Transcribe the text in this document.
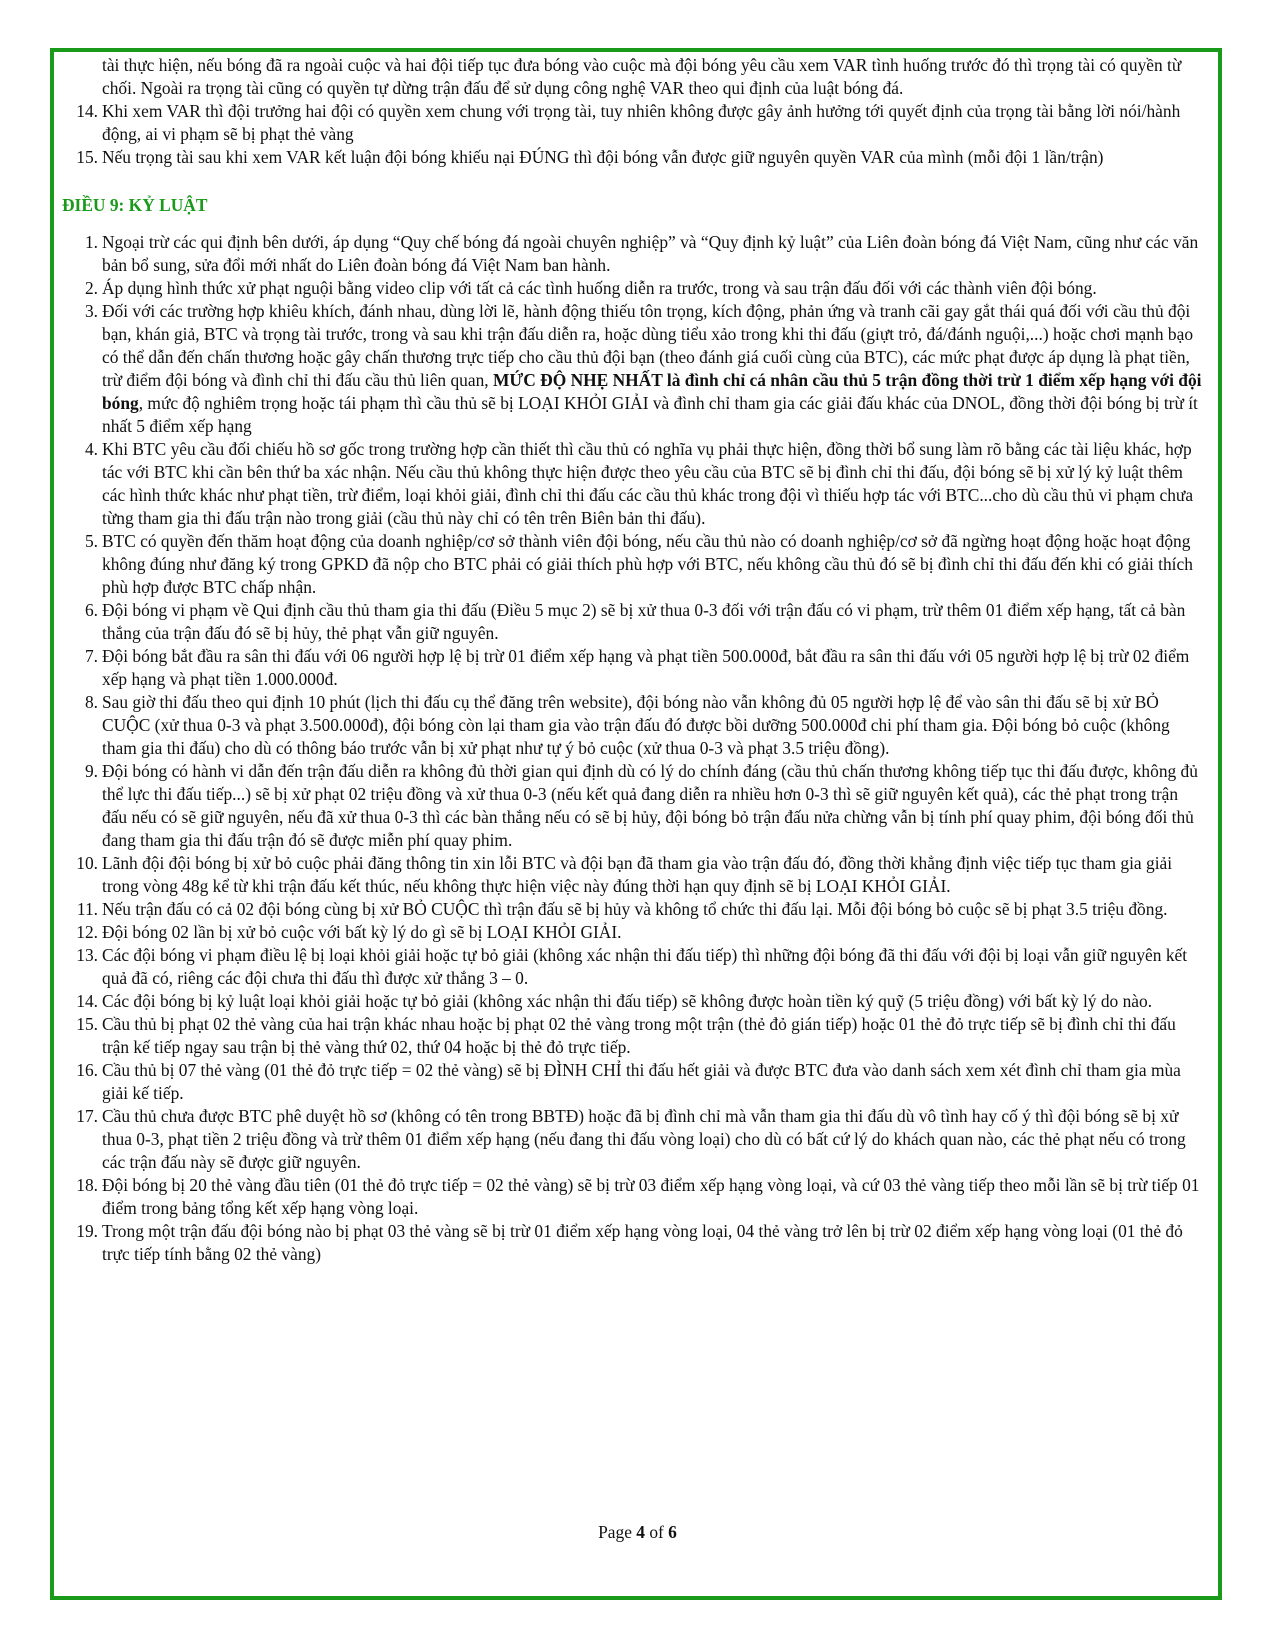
tài thực hiện, nếu bóng đã ra ngoài cuộc và hai đội tiếp tục đưa bóng vào cuộc mà đội bóng yêu cầu xem VAR tình huống trước đó thì trọng tài có quyền từ chối. Ngoài ra trọng tài cũng có quyền tự dừng trận đấu để sử dụng công nghệ VAR theo qui định của luật bóng đá.

14. Khi xem VAR thì đội trưởng hai đội có quyền xem chung với trọng tài, tuy nhiên không được gây ảnh hưởng tới quyết định của trọng tài bằng lời nói/hành động, ai vi phạm sẽ bị phạt thẻ vàng
15. Nếu trọng tài sau khi xem VAR kết luận đội bóng khiếu nại ĐÚNG thì đội bóng vẫn được giữ nguyên quyền VAR của mình (mỗi đội 1 lần/trận)
ĐIỀU 9: KỶ LUẬT
1. Ngoại trừ các qui định bên dưới, áp dụng “Quy chế bóng đá ngoài chuyên nghiệp” và “Quy định kỷ luật” của Liên đoàn bóng đá Việt Nam, cũng như các văn bản bổ sung, sửa đổi mới nhất do Liên đoàn bóng đá Việt Nam ban hành.
2. Áp dụng hình thức xử phạt nguội bằng video clip với tất cả các tình huống diễn ra trước, trong và sau trận đấu đối với các thành viên đội bóng.
3. Đối với các trường hợp khiêu khích, đánh nhau, dùng lời lẽ, hành động thiếu tôn trọng, kích động, phản ứng và tranh cãi gay gắt thái quá đối với cầu thủ đội bạn, khán giả, BTC và trọng tài trước, trong và sau khi trận đấu diễn ra, hoặc dùng tiểu xảo trong khi thi đấu (giựt trỏ, đá/đánh nguội,...) hoặc chơi mạnh bạo có thể dẫn đến chấn thương hoặc gây chấn thương trực tiếp cho cầu thủ đội bạn (theo đánh giá cuối cùng của BTC), các mức phạt được áp dụng là phạt tiền, trừ điểm đội bóng và đình chỉ thi đấu cầu thủ liên quan, MỨC ĐỘ NHẸ NHẤT là đình chỉ cá nhân cầu thủ 5 trận đồng thời trừ 1 điểm xếp hạng với đội bóng, mức độ nghiêm trọng hoặc tái phạm thì cầu thủ sẽ bị LOẠI KHỎI GIẢI và đình chỉ tham gia các giải đấu khác của DNOL, đồng thời đội bóng bị trừ ít nhất 5 điểm xếp hạng
4. Khi BTC yêu cầu đối chiếu hồ sơ gốc trong trường hợp cần thiết thì cầu thủ có nghĩa vụ phải thực hiện, đồng thời bổ sung làm rõ bằng các tài liệu khác, hợp tác với BTC khi cần bên thứ ba xác nhận. Nếu cầu thủ không thực hiện được theo yêu cầu của BTC sẽ bị đình chỉ thi đấu, đội bóng sẽ bị xử lý kỷ luật thêm các hình thức khác như phạt tiền, trừ điểm, loại khỏi giải, đình chỉ thi đấu các cầu thủ khác trong đội vì thiếu hợp tác với BTC...cho dù cầu thủ vi phạm chưa từng tham gia thi đấu trận nào trong giải (cầu thủ này chỉ có tên trên Biên bản thi đấu).
5. BTC có quyền đến thăm hoạt động của doanh nghiệp/cơ sở thành viên đội bóng, nếu cầu thủ nào có doanh nghiệp/cơ sở đã ngừng hoạt động hoặc hoạt động không đúng như đăng ký trong GPKD đã nộp cho BTC phải có giải thích phù hợp với BTC, nếu không cầu thủ đó sẽ bị đình chỉ thi đấu đến khi có giải thích phù hợp được BTC chấp nhận.
6. Đội bóng vi phạm về Qui định cầu thủ tham gia thi đấu (Điều 5 mục 2) sẽ bị xử thua 0-3 đối với trận đấu có vi phạm, trừ thêm 01 điểm xếp hạng, tất cả bàn thắng của trận đấu đó sẽ bị hủy, thẻ phạt vẫn giữ nguyên.
7. Đội bóng bắt đầu ra sân thi đấu với 06 người hợp lệ bị trừ 01 điểm xếp hạng và phạt tiền 500.000đ, bắt đầu ra sân thi đấu với 05 người hợp lệ bị trừ 02 điểm xếp hạng và phạt tiền 1.000.000đ.
8. Sau giờ thi đấu theo qui định 10 phút (lịch thi đấu cụ thể đăng trên website), đội bóng nào vẫn không đủ 05 người hợp lệ để vào sân thi đấu sẽ bị xử BỎ CUỘC (xử thua 0-3 và phạt 3.500.000đ), đội bóng còn lại tham gia vào trận đấu đó được bồi dưỡng 500.000đ chi phí tham gia. Đội bóng bỏ cuộc (không tham gia thi đấu) cho dù có thông báo trước vẫn bị xử phạt như tự ý bỏ cuộc (xử thua 0-3 và phạt 3.5 triệu đồng).
9. Đội bóng có hành vi dẫn đến trận đấu diễn ra không đủ thời gian qui định dù có lý do chính đáng (cầu thủ chấn thương không tiếp tục thi đấu được, không đủ thể lực thi đấu tiếp...) sẽ bị xử phạt 02 triệu đồng và xử thua 0-3 (nếu kết quả đang diễn ra nhiều hơn 0-3 thì sẽ giữ nguyên kết quả), các thẻ phạt trong trận đấu nếu có sẽ giữ nguyên, nếu đã xử thua 0-3 thì các bàn thắng nếu có sẽ bị hủy, đội bóng bỏ trận đấu nửa chừng vẫn bị tính phí quay phim, đội bóng đối thủ đang tham gia thi đấu trận đó sẽ được miễn phí quay phim.
10. Lãnh đội đội bóng bị xử bỏ cuộc phải đăng thông tin xin lỗi BTC và đội bạn đã tham gia vào trận đấu đó, đồng thời khẳng định việc tiếp tục tham gia giải trong vòng 48g kể từ khi trận đấu kết thúc, nếu không thực hiện việc này đúng thời hạn quy định sẽ bị LOẠI KHỎI GIẢI.
11. Nếu trận đấu có cả 02 đội bóng cùng bị xử BỎ CUỘC thì trận đấu sẽ bị hủy và không tổ chức thi đấu lại. Mỗi đội bóng bỏ cuộc sẽ bị phạt 3.5 triệu đồng.
12. Đội bóng 02 lần bị xử bỏ cuộc với bất kỳ lý do gì sẽ bị LOẠI KHỎI GIẢI.
13. Các đội bóng vi phạm điều lệ bị loại khỏi giải hoặc tự bỏ giải (không xác nhận thi đấu tiếp) thì những đội bóng đã thi đấu với đội bị loại vẫn giữ nguyên kết quả đã có, riêng các đội chưa thi đấu thì được xử thắng 3 – 0.
14. Các đội bóng bị kỷ luật loại khỏi giải hoặc tự bỏ giải (không xác nhận thi đấu tiếp) sẽ không được hoàn tiền ký quỹ (5 triệu đồng) với bất kỳ lý do nào.
15. Cầu thủ bị phạt 02 thẻ vàng của hai trận khác nhau hoặc bị phạt 02 thẻ vàng trong một trận (thẻ đỏ gián tiếp) hoặc 01 thẻ đỏ trực tiếp sẽ bị đình chỉ thi đấu trận kế tiếp ngay sau trận bị thẻ vàng thứ 02, thứ 04 hoặc bị thẻ đỏ trực tiếp.
16. Cầu thủ bị 07 thẻ vàng (01 thẻ đỏ trực tiếp = 02 thẻ vàng) sẽ bị ĐÌNH CHỈ thi đấu hết giải và được BTC đưa vào danh sách xem xét đình chỉ tham gia mùa giải kế tiếp.
17. Cầu thủ chưa được BTC phê duyệt hồ sơ (không có tên trong BBTĐ) hoặc đã bị đình chỉ mà vẫn tham gia thi đấu dù vô tình hay cố ý thì đội bóng sẽ bị xử thua 0-3, phạt tiền 2 triệu đồng và trừ thêm 01 điểm xếp hạng (nếu đang thi đấu vòng loại) cho dù có bất cứ lý do khách quan nào, các thẻ phạt nếu có trong các trận đấu này sẽ được giữ nguyên.
18. Đội bóng bị 20 thẻ vàng đầu tiên (01 thẻ đỏ trực tiếp = 02 thẻ vàng) sẽ bị trừ 03 điểm xếp hạng vòng loại, và cứ 03 thẻ vàng tiếp theo mỗi lần sẽ bị trừ tiếp 01 điểm trong bảng tổng kết xếp hạng vòng loại.
19. Trong một trận đấu đội bóng nào bị phạt 03 thẻ vàng sẽ bị trừ 01 điểm xếp hạng vòng loại, 04 thẻ vàng trở lên bị trừ 02 điểm xếp hạng vòng loại (01 thẻ đỏ trực tiếp tính bằng 02 thẻ vàng)
Page 4 of 6
